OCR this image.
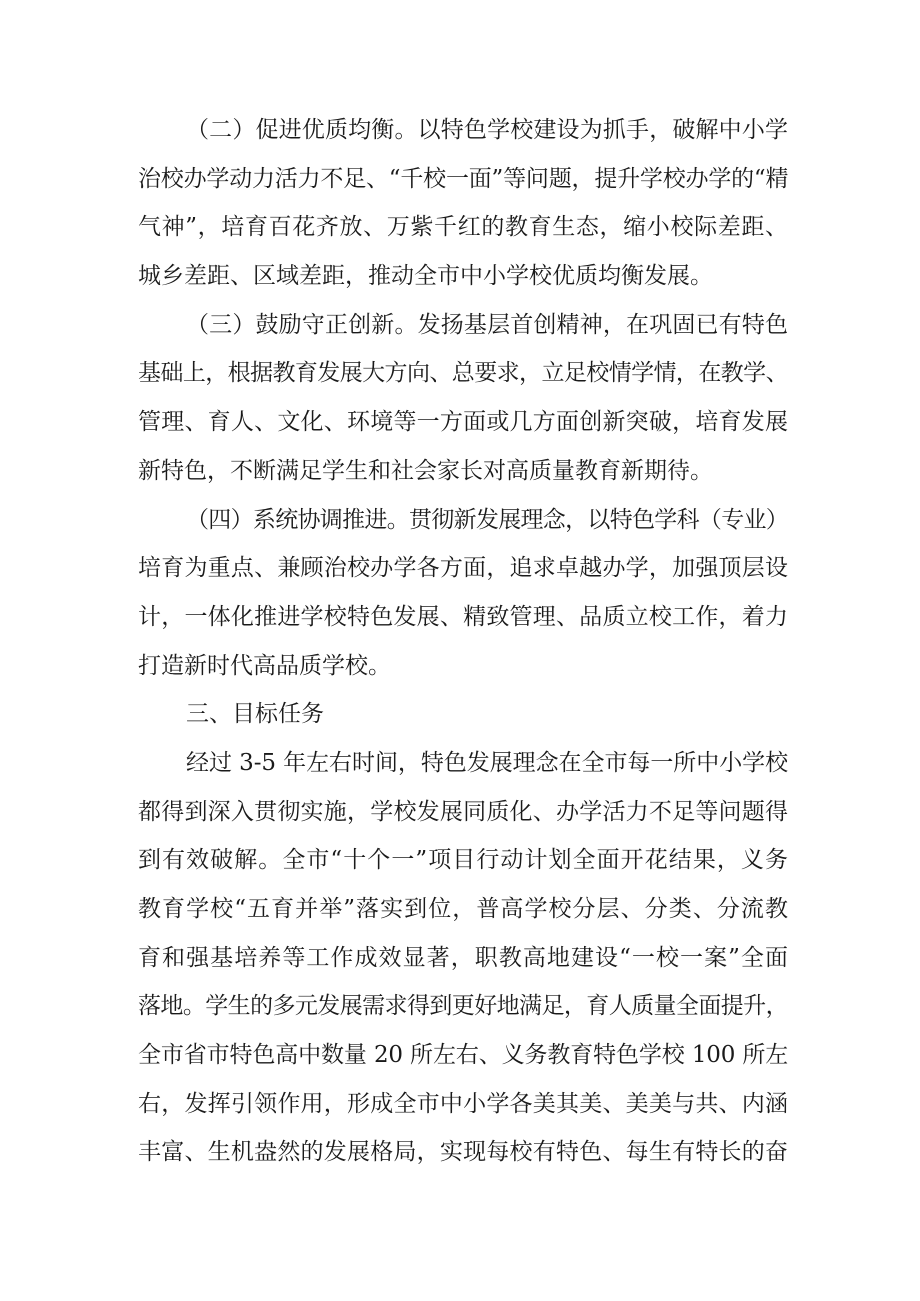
（二）促进优质均衡。以特色学校建设为抓手，破解中小学
治校办学动力活力不足、“千校一面”等问题，提升学校办学的“精
气神”，培育百花齐放、万紫千红的教育生态，缩小校际差距、
城乡差距、区域差距，推动全市中小学校优质均衡发展。
（三）鼓励守正创新。发扬基层首创精神，在巩固已有特色
基础上，根据教育发展大方向、总要求，立足校情学情，在教学、
管理、育人、文化、环境等一方面或几方面创新突破，培育发展
新特色，不断满足学生和社会家长对高质量教育新期待。
（四）系统协调推进。贯彻新发展理念，以特色学科（专业）
培育为重点、兼顾治校办学各方面，追求卓越办学，加强顶层设
计，一体化推进学校特色发展、精致管理、品质立校工作，着力
打造新时代高品质学校。
三、目标任务
经过 3-5 年左右时间，特色发展理念在全市每一所中小学校
都得到深入贯彻实施，学校发展同质化、办学活力不足等问题得
到有效破解。全市“十个一”项目行动计划全面开花结果，义务
教育学校“五育并举”落实到位，普高学校分层、分类、分流教
育和强基培养等工作成效显著，职教高地建设“一校一案”全面
落地。学生的多元发展需求得到更好地满足，育人质量全面提升，
全市省市特色高中数量 20 所左右、义务教育特色学校 100 所左
右，发挥引领作用，形成全市中小学各美其美、美美与共、内涵
丰富、生机盎然的发展格局，实现每校有特色、每生有特长的奋
